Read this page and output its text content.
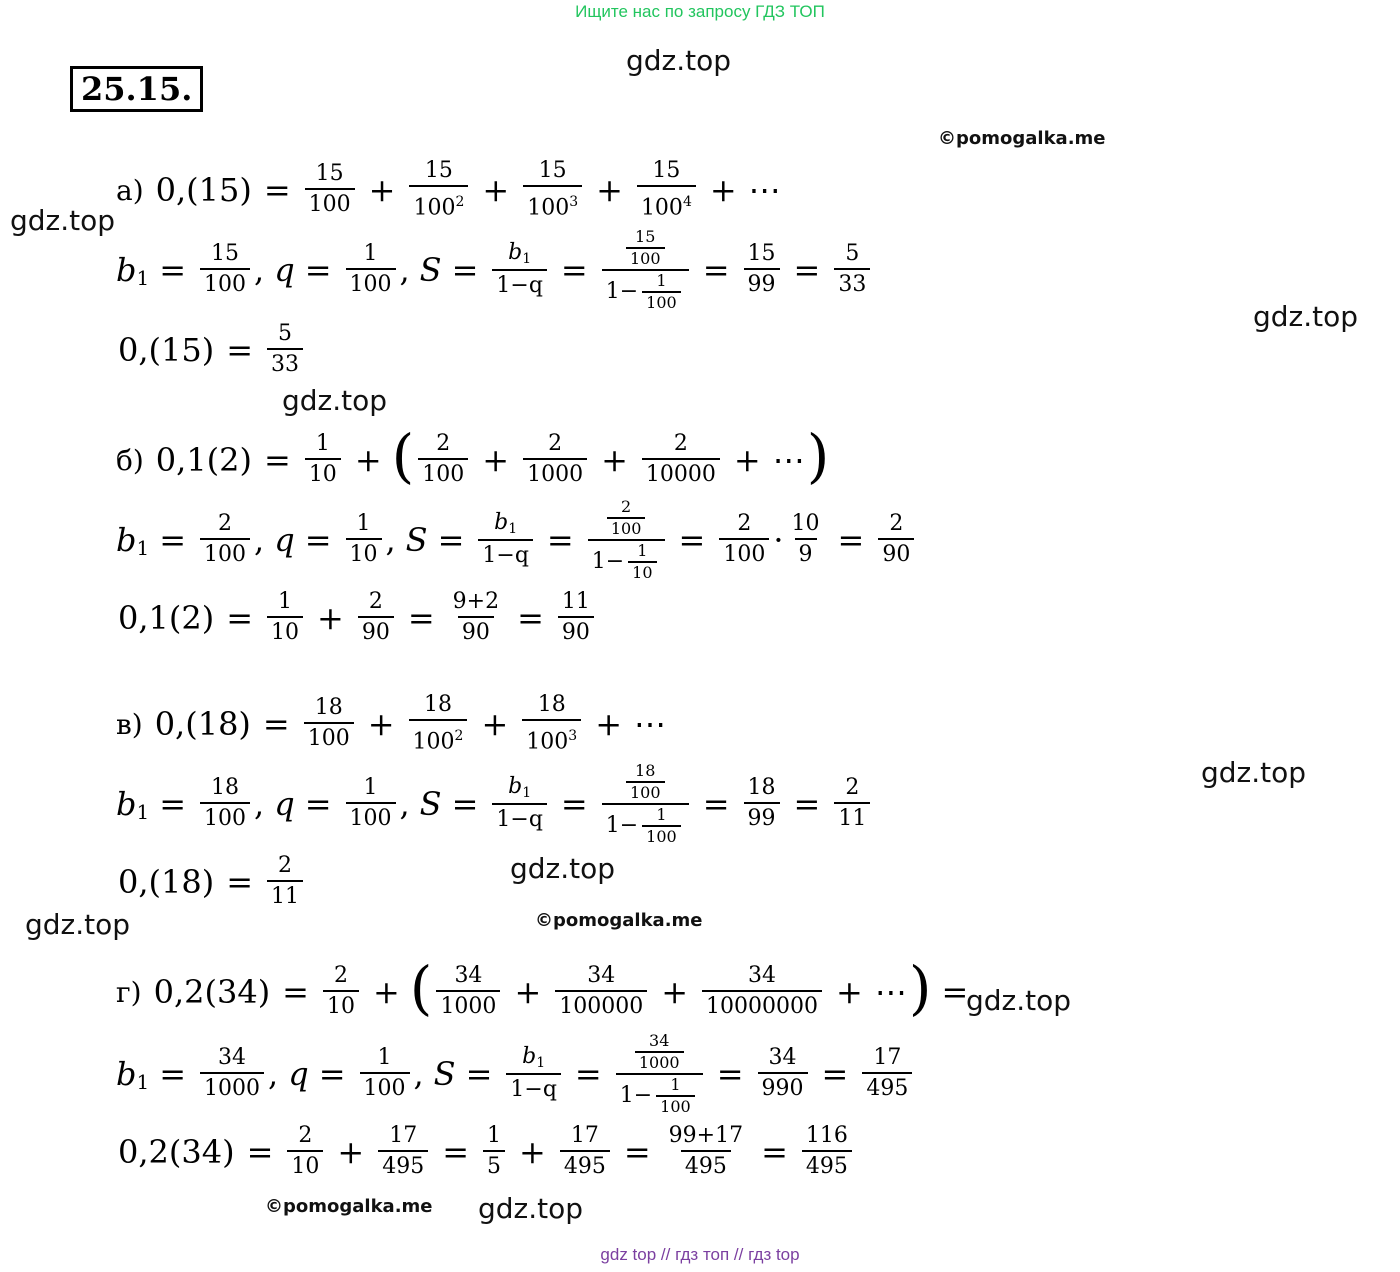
Ищите нас по запросу ГДЗ ТОП
25.15.
gdz.top
©pomogalka.me
gdz.top
gdz.top
gdz.top
gdz.top
gdz.top
©pomogalka.me
gdz.top
gdz.top
©pomogalka.me gdz.top
а) $0,(15) = \frac{15}{100} + \frac{15}{100^2} + \frac{15}{100^3} + \frac{15}{100^4}$ + ⋯
b $1 = \frac{15}{100}$ , $q = \frac{1}{100}$ , $S = \frac{b1}{1-q} = \frac{\frac{15}{100}}{1- \frac{1}{100}} = \frac{15}{99} = \frac{5}{33}$
$0,(15) = \frac{5}{33}$
б) $0,1(2) = \frac{1}{10}$ + ( $\frac{2}{100} + \frac{2}{1000} + \frac{2}{10000}$ + ⋯ )
b $1 = \frac{2}{100}$ , $q = \frac{1}{10}$ , $S = \frac{b1}{1-q} = \frac{\frac{2}{100}}{1- \frac{1}{10}} = \frac{2}{100} \cdot \frac{10}{9} = \frac{2}{90}$
$0,1(2) = \frac{1}{10} + \frac{2}{90} = \frac{9+2}{90} = \frac{11}{90}$
в) $0,(18) = \frac{18}{100} + \frac{18}{100^2} + \frac{18}{100^3}$ + ⋯
b $1 = \frac{18}{100}$ , $q = \frac{1}{100}$ , $S = \frac{b1}{1-q} = \frac{\frac{18}{100}}{1- \frac{1}{100}} = \frac{18}{99} = \frac{2}{11}$
$0,(18) = \frac{2}{11}$
г) $0,2(34) = \frac{2}{10}$ + ( $\frac{34}{1000} + \frac{34}{100000} + \frac{34}{10000000}$ + ⋯ ) =
b $1 = \frac{34}{1000}$ , $q = \frac{1}{100}$ , $S = \frac{b1}{1-q} = \frac{\frac{34}{1000}}{1- \frac{1}{100}} = \frac{34}{990} = \frac{17}{495}$
$0,2(34) = \frac{2}{10} + \frac{17}{495} = \frac{1}{5} + \frac{17}{495} = \frac{99+17}{495} = \frac{116}{495}$
gdz top // гдз топ // гдз top
